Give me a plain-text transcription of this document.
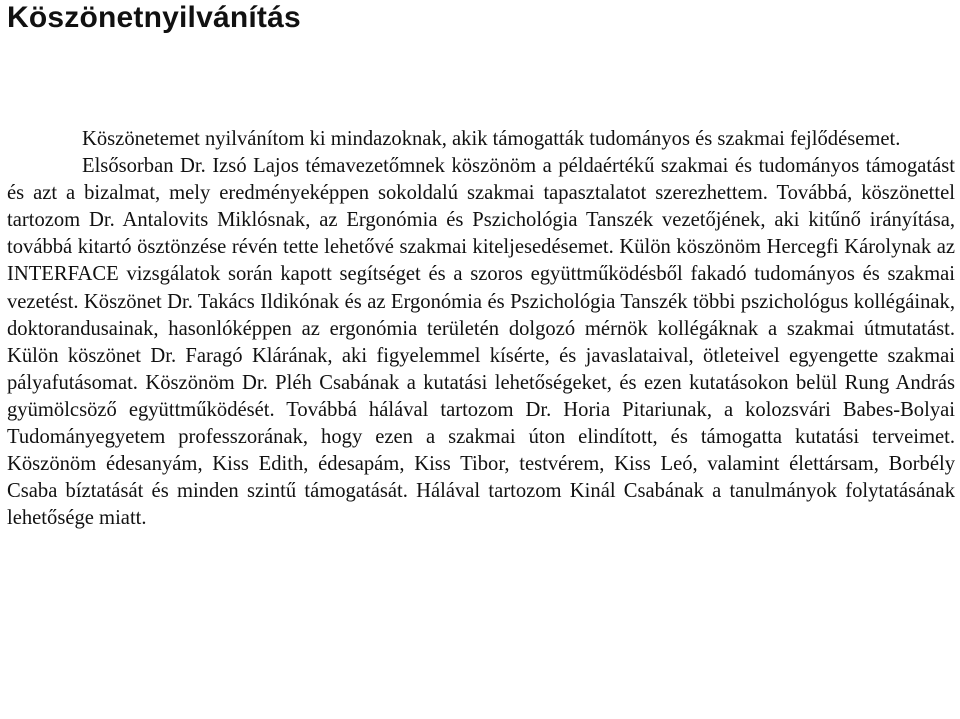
Köszönetnyilvánítás

Köszönetemet nyilvánítom ki mindazoknak, akik támogatták tudományos és szakmai fejlődésemet.

Elsősorban Dr. Izsó Lajos témavezetőmnek köszönöm a példaértékű szakmai és tudományos támogatást és azt a bizalmat, mely eredményeképpen sokoldalú szakmai tapasztalatot szerezhettem. Továbbá, köszönettel tartozom Dr. Antalovits Miklósnak, az Ergonómia és Pszichológia Tanszék vezetőjének, aki kitűnő irányítása, továbbá kitartó ösztönzése révén tette lehetővé szakmai kiteljesedésemet. Külön köszönöm Hercegfi Károlynak az INTERFACE vizsgálatok során kapott segítséget és a szoros együttműködésből fakadó tudományos és szakmai vezetést. Köszönet Dr. Takács Ildikónak és az Ergonómia és Pszichológia Tanszék többi pszichológus kollégáinak, doktorandusainak, hasonlóképpen az ergonómia területén dolgozó mérnök kollégáknak a szakmai útmutatást. Külön köszönet Dr. Faragó Klárának, aki figyelemmel kísérte, és javaslataival, ötleteivel egyengette szakmai pályafutásomat. Köszönöm Dr. Pléh Csabának a kutatási lehetőségeket, és ezen kutatásokon belül Rung András gyümölcsöző együttműködését. Továbbá hálával tartozom Dr. Horia Pitariunak, a kolozsvári Babes-Bolyai Tudományegyetem professzorának, hogy ezen a szakmai úton elindított, és támogatta kutatási terveimet. Köszönöm édesanyám, Kiss Edith, édesapám, Kiss Tibor, testvérem, Kiss Leó, valamint élettársam, Borbély Csaba bíztatását és minden szintű támogatását. Hálával tartozom Kinál Csabának a tanulmányok folytatásának lehetősége miatt.
